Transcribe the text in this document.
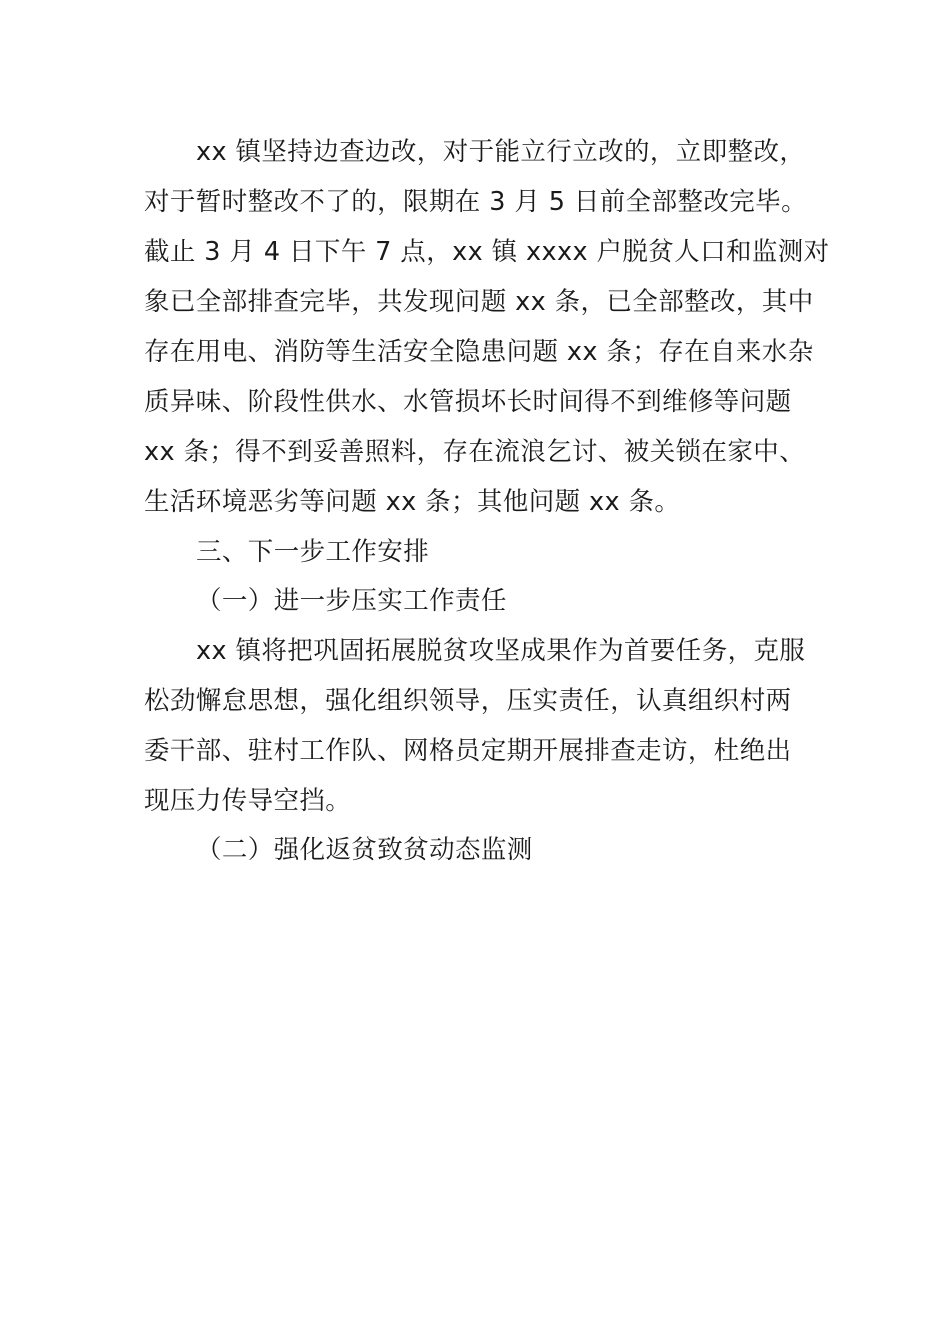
xx 镇坚持边查边改，对于能立行立改的，立即整改，
对于暂时整改不了的，限期在 3 月 5 日前全部整改完毕。
截止 3 月 4 日下午 7 点，xx 镇 xxxx 户脱贫人口和监测对
象已全部排查完毕，共发现问题 xx 条，已全部整改，其中
存在用电、消防等生活安全隐患问题 xx 条；存在自来水杂
质异味、阶段性供水、水管损坏长时间得不到维修等问题
xx 条；得不到妥善照料，存在流浪乞讨、被关锁在家中、
生活环境恶劣等问题 xx 条；其他问题 xx 条。
三、下一步工作安排
（一）进一步压实工作责任
xx 镇将把巩固拓展脱贫攻坚成果作为首要任务，克服
松劲懈怠思想，强化组织领导，压实责任，认真组织村两
委干部、驻村工作队、网格员定期开展排查走访，杜绝出
现压力传导空挡。
（二）强化返贫致贫动态监测
